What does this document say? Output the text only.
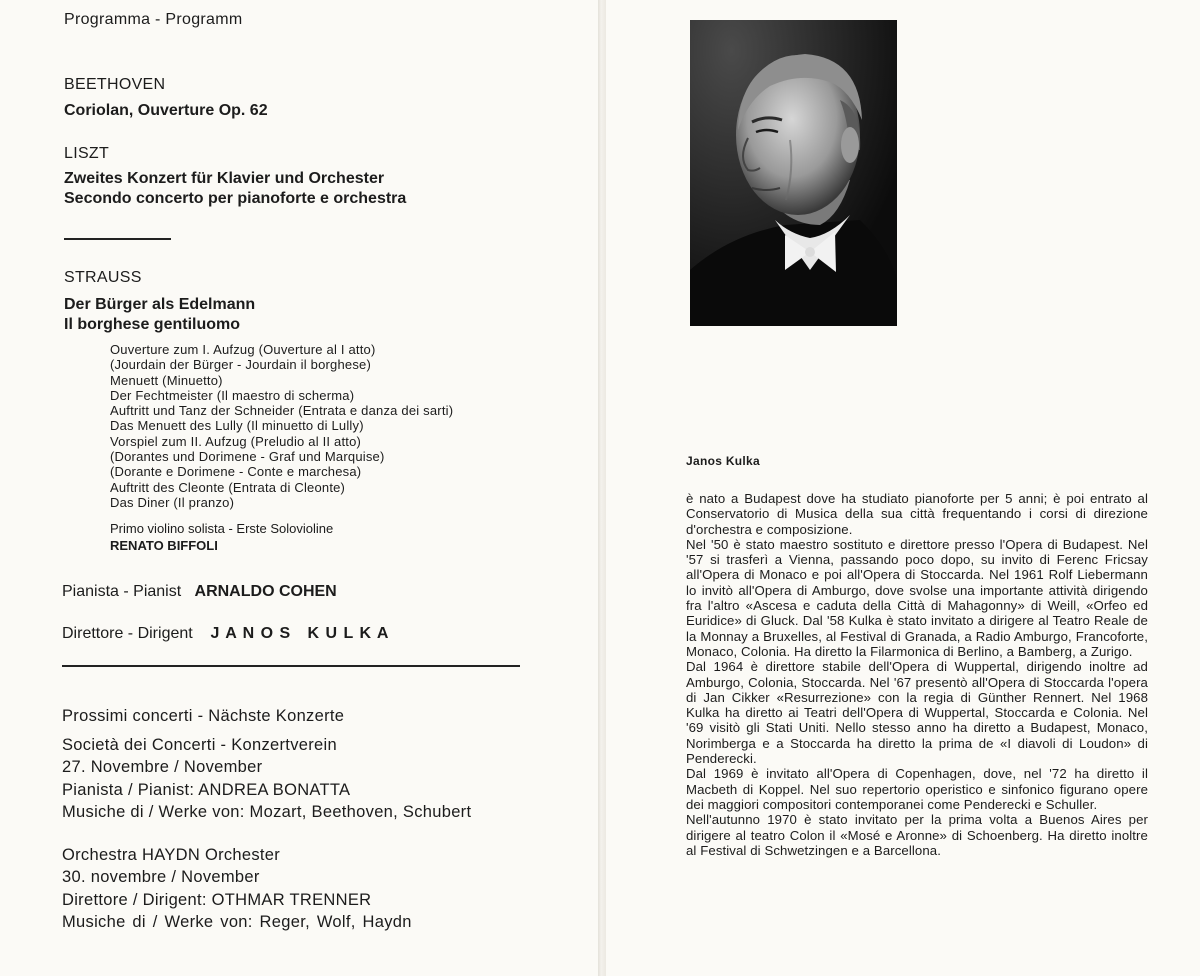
Programma - Programm
BEETHOVEN
Coriolan, Ouverture Op. 62
LISZT
Zweites Konzert für Klavier und Orchester
Secondo concerto per pianoforte e orchestra
STRAUSS
Der Bürger als Edelmann
Il borghese gentiluomo
Ouverture zum I. Aufzug (Ouverture al I atto)
(Jourdain der Bürger - Jourdain il borghese)
Menuett (Minuetto)
Der Fechtmeister (Il maestro di scherma)
Auftritt und Tanz der Schneider (Entrata e danza dei sarti)
Das Menuett des Lully (Il minuetto di Lully)
Vorspiel zum II. Aufzug (Preludio al II atto)
(Dorantes und Dorimene - Graf und Marquise)
(Dorante e Dorimene - Conte e marchesa)
Auftritt des Cleonte (Entrata di Cleonte)
Das Diner (Il pranzo)
Primo violino solista - Erste Soloviolinе
RENATO BIFFOLI
Pianista - Pianist ARNALDO COHEN
Direttore - Dirigent J A N O S   K U L K A
Prossimi concerti - Nächste Konzerte
Società dei Concerti - Konzertverein
27. Novembre / November
Pianista / Pianist: ANDREA BONATTA
Musiche di / Werke von: Mozart, Beethoven, Schubert
Orchestra HAYDN Orchester
30. novembre / November
Direttore / Dirigent: OTHMAR TRENNER
Musiche di / Werke von: Reger, Wolf, Haydn
Janos Kulka

è nato a Budapest dove ha studiato pianoforte per 5 anni; è poi entrato al Conservatorio di Musica della sua città frequentando i corsi di direzione d'orchestra e composizione.

Nel '50 è stato maestro sostituto e direttore presso l'Opera di Budapest. Nel '57 si trasferì a Vienna, passando poco dopo, su invito di Ferenc Fricsay all'Opera di Monaco e poi all'Opera di Stoccarda. Nel 1961 Rolf Liebermann lo invitò all'Opera di Amburgo, dove svolse una importante attività dirigendo fra l'altro «Ascesa e caduta della Città di Mahagonny» di Weill, «Orfeo ed Euridice» di Gluck. Dal '58 Kulka è stato invitato a dirigere al Teatro Reale de la Monnay a Bruxelles, al Festival di Granada, a Radio Amburgo, Francoforte, Monaco, Colonia. Ha diretto la Filarmonica di Berlino, a Bamberg, a Zurigo.

Dal 1964 è direttore stabile dell'Opera di Wuppertal, dirigendo inoltre ad Amburgo, Colonia, Stoccarda. Nel '67 presentò all'Opera di Stoccarda l'opera di Jan Cikker «Resurrezione» con la regia di Günther Rennert. Nel 1968 Kulka ha diretto ai Teatri dell'Opera di Wuppertal, Stoccarda e Colonia. Nel '69 visitò gli Stati Uniti. Nello stesso anno ha diretto a Budapest, Monaco, Norimberga e a Stoccarda ha diretto la prima de «I diavoli di Loudon» di Penderecki.

Dal 1969 è invitato all'Opera di Copenhagen, dove, nel '72 ha diretto il Macbeth di Koppel. Nel suo repertorio operistico e sinfonico figurano opere dei maggiori compositori contemporanei come Penderecki e Schuller.

Nell'autunno 1970 è stato invitato per la prima volta a Buenos Aires per dirigere al teatro Colon il «Mosé e Aronne» di Schoenberg. Ha diretto inoltre al Festival di Schwetzingen e a Barcellona.
